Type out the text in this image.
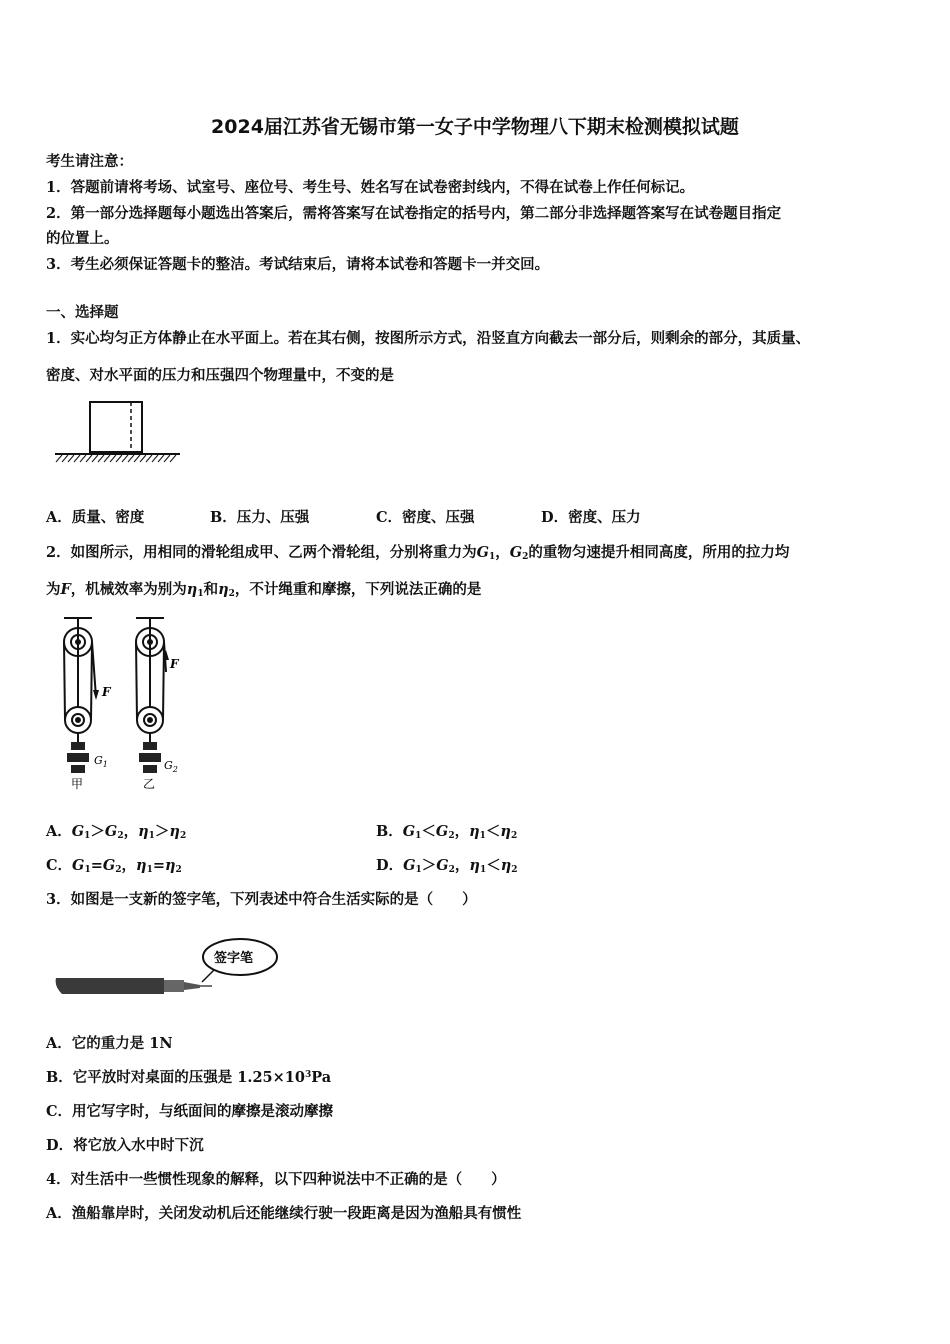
2024届江苏省无锡市第一女子中学物理八下期末检测模拟试题
考生请注意：
1．答题前请将考场、试室号、座位号、考生号、姓名写在试卷密封线内，不得在试卷上作任何标记。
2．第一部分选择题每小题选出答案后，需将答案写在试卷指定的括号内，第二部分非选择题答案写在试卷题目指定
的位置上。
3．考生必须保证答题卡的整洁。考试结束后，请将本试卷和答题卡一并交回。
一、选择题
1．实心均匀正方体静止在水平面上。若在其右侧，按图所示方式，沿竖直方向截去一部分后，则剩余的部分，其质量、
密度、对水平面的压力和压强四个物理量中，不变的是
A．质量、密度	B．压力、压强	C．密度、压强	D．密度、压力
2．如图所示，用相同的滑轮组成甲、乙两个滑轮组，分别将重力为$G_1$，$G_2$的重物匀速提升相同高度，所用的拉力均
为F，机械效率为别为$\eta_1$和$\eta_2$，不计绳重和摩擦，下列说法正确的是
F
F
$G_1$	$G_2$
甲	乙
A．$G_1>G_2$，$\eta_1>\eta_2$	B．$G_1<G_2$，$\eta_1<\eta_2$
C．$G_1=G_2$，$\eta_1=\eta_2$	D．$G_1>G_2$，$\eta_1<\eta_2$
3．如图是一支新的签字笔，下列表述中符合生活实际的是（　　）
签字笔
A．它的重力是 1N
B．它平放时对桌面的压强是 $1.25\times 10^3Pa$
C．用它写字时，与纸面间的摩擦是滚动摩擦
D．将它放入水中时下沉
4．对生活中一些惯性现象的解释，以下四种说法中不正确的是（　　）
A．渔船靠岸时，关闭发动机后还能继续行驶一段距离是因为渔船具有惯性
